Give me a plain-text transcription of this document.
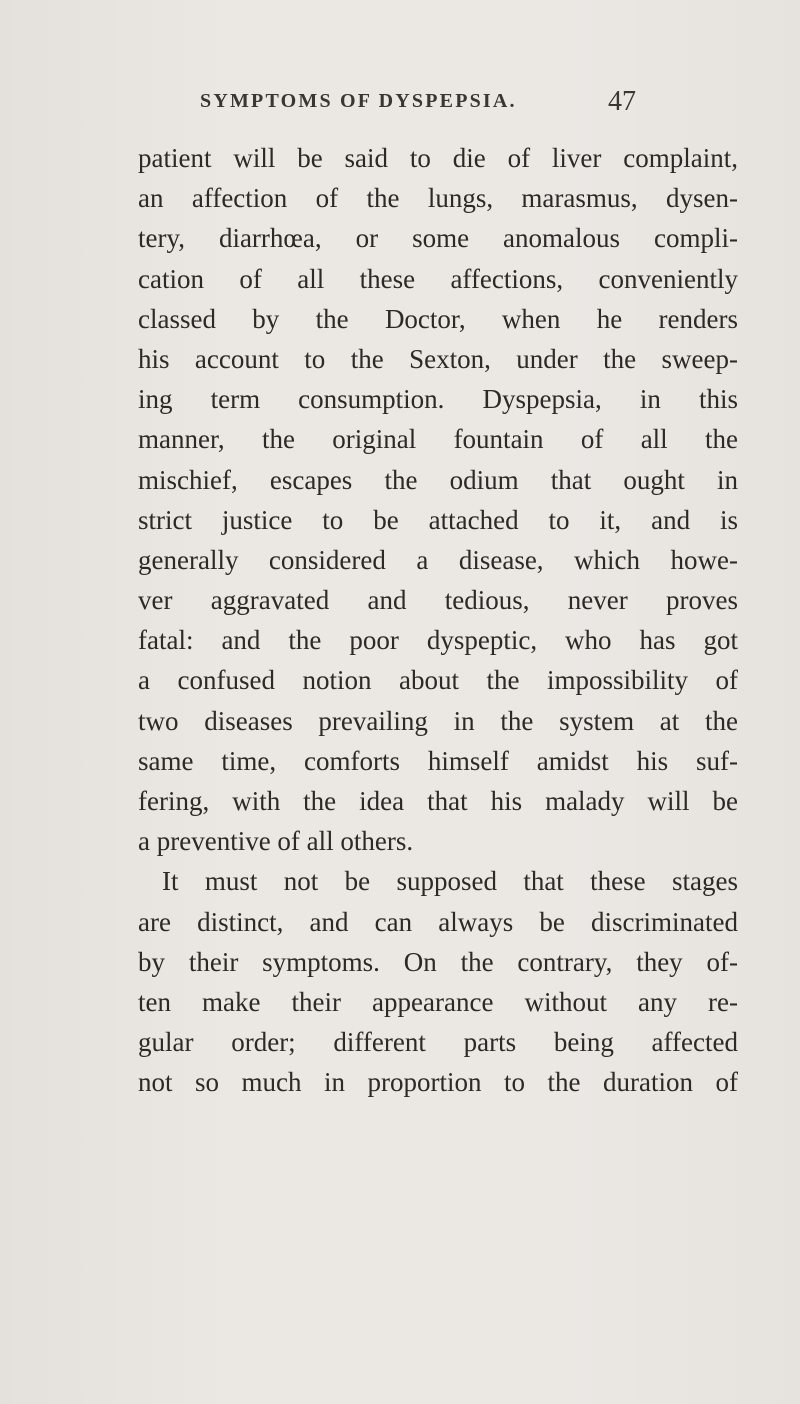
SYMPTOMS OF DYSPEPSIA.	47
patient will be said to die of liver complaint,
an affection of the lungs, marasmus, dysen-
tery, diarrhœa, or some anomalous compli-
cation of all these affections, conveniently
classed by the Doctor, when he renders
his account to the Sexton, under the sweep-
ing term consumption. Dyspepsia, in this
manner, the original fountain of all the
mischief, escapes the odium that ought in
strict justice to be attached to it, and is
generally considered a disease, which howe-
ver aggravated and tedious, never proves
fatal: and the poor dyspeptic, who has got
a confused notion about the impossibility of
two diseases prevailing in the system at the
same time, comforts himself amidst his suf-
fering, with the idea that his malady will be
a preventive of all others.
It must not be supposed that these stages
are distinct, and can always be discriminated
by their symptoms. On the contrary, they of-
ten make their appearance without any re-
gular order; different parts being affected
not so much in proportion to the duration of
